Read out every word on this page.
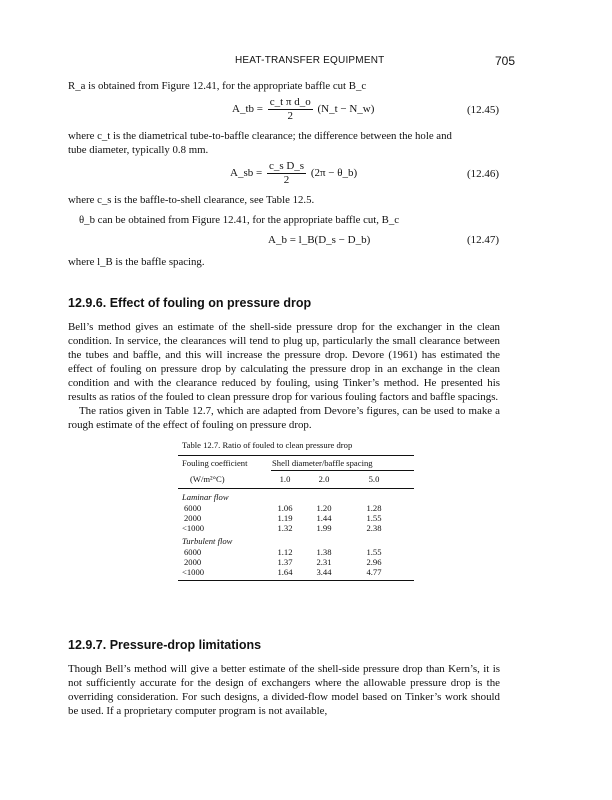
HEAT-TRANSFER EQUIPMENT	705
R_a is obtained from Figure 12.41, for the appropriate baffle cut B_c
A_tb = $\frac{\text{c\_t π d\_o}}{2}$ (N_t − N_w)	(12.45)
where c_t is the diametrical tube-to-baffle clearance; the difference between the hole and
tube diameter, typically 0.8 mm.
A_sb = $\frac{\text{c\_s D\_s}}{2} (2\pi$ − θ_b)	(12.46)
where c_s is the baffle-to-shell clearance, see Table 12.5.
θ_b can be obtained from Figure 12.41, for the appropriate baffle cut, B_c
A_b = l_B(D_s − D_b)	(12.47)
where l_B is the baffle spacing.
12.9.6. Effect of fouling on pressure drop

Bell’s method gives an estimate of the shell-side pressure drop for the exchanger in the clean condition. In service, the clearances will tend to plug up, particularly the small clearance between the tubes and baffle, and this will increase the pressure drop. Devore (1961) has estimated the effect of fouling on pressure drop by calculating the pressure drop in an exchange in the clean condition and with the clearance reduced by fouling, using Tinker’s method. He presented his results as ratios of the fouled to clean pressure drop for various fouling factors and baffle spacings.

The ratios given in Table 12.7, which are adapted from Devore’s figures, can be used to make a rough estimate of the effect of fouling on pressure drop.

Table 12.7. Ratio of fouled to clean pressure drop
Fouling coefficient	Shell diameter/baffle spacing
(W/m²°C)	1.0	2.0	5.0
Laminar flow
6000	1.06	1.20	1.28
2000	1.19	1.44	1.55
<1000	1.32	1.99	2.38
Turbulent flow
6000	1.12	1.38	1.55
2000	1.37	2.31	2.96
<1000	1.64	3.44	4.77
12.9.7. Pressure-drop limitations

Though Bell’s method will give a better estimate of the shell-side pressure drop than Kern’s, it is not sufficiently accurate for the design of exchangers where the allowable pressure drop is the overriding consideration. For such designs, a divided-flow model based on Tinker’s work should be used. If a proprietary computer program is not available,
